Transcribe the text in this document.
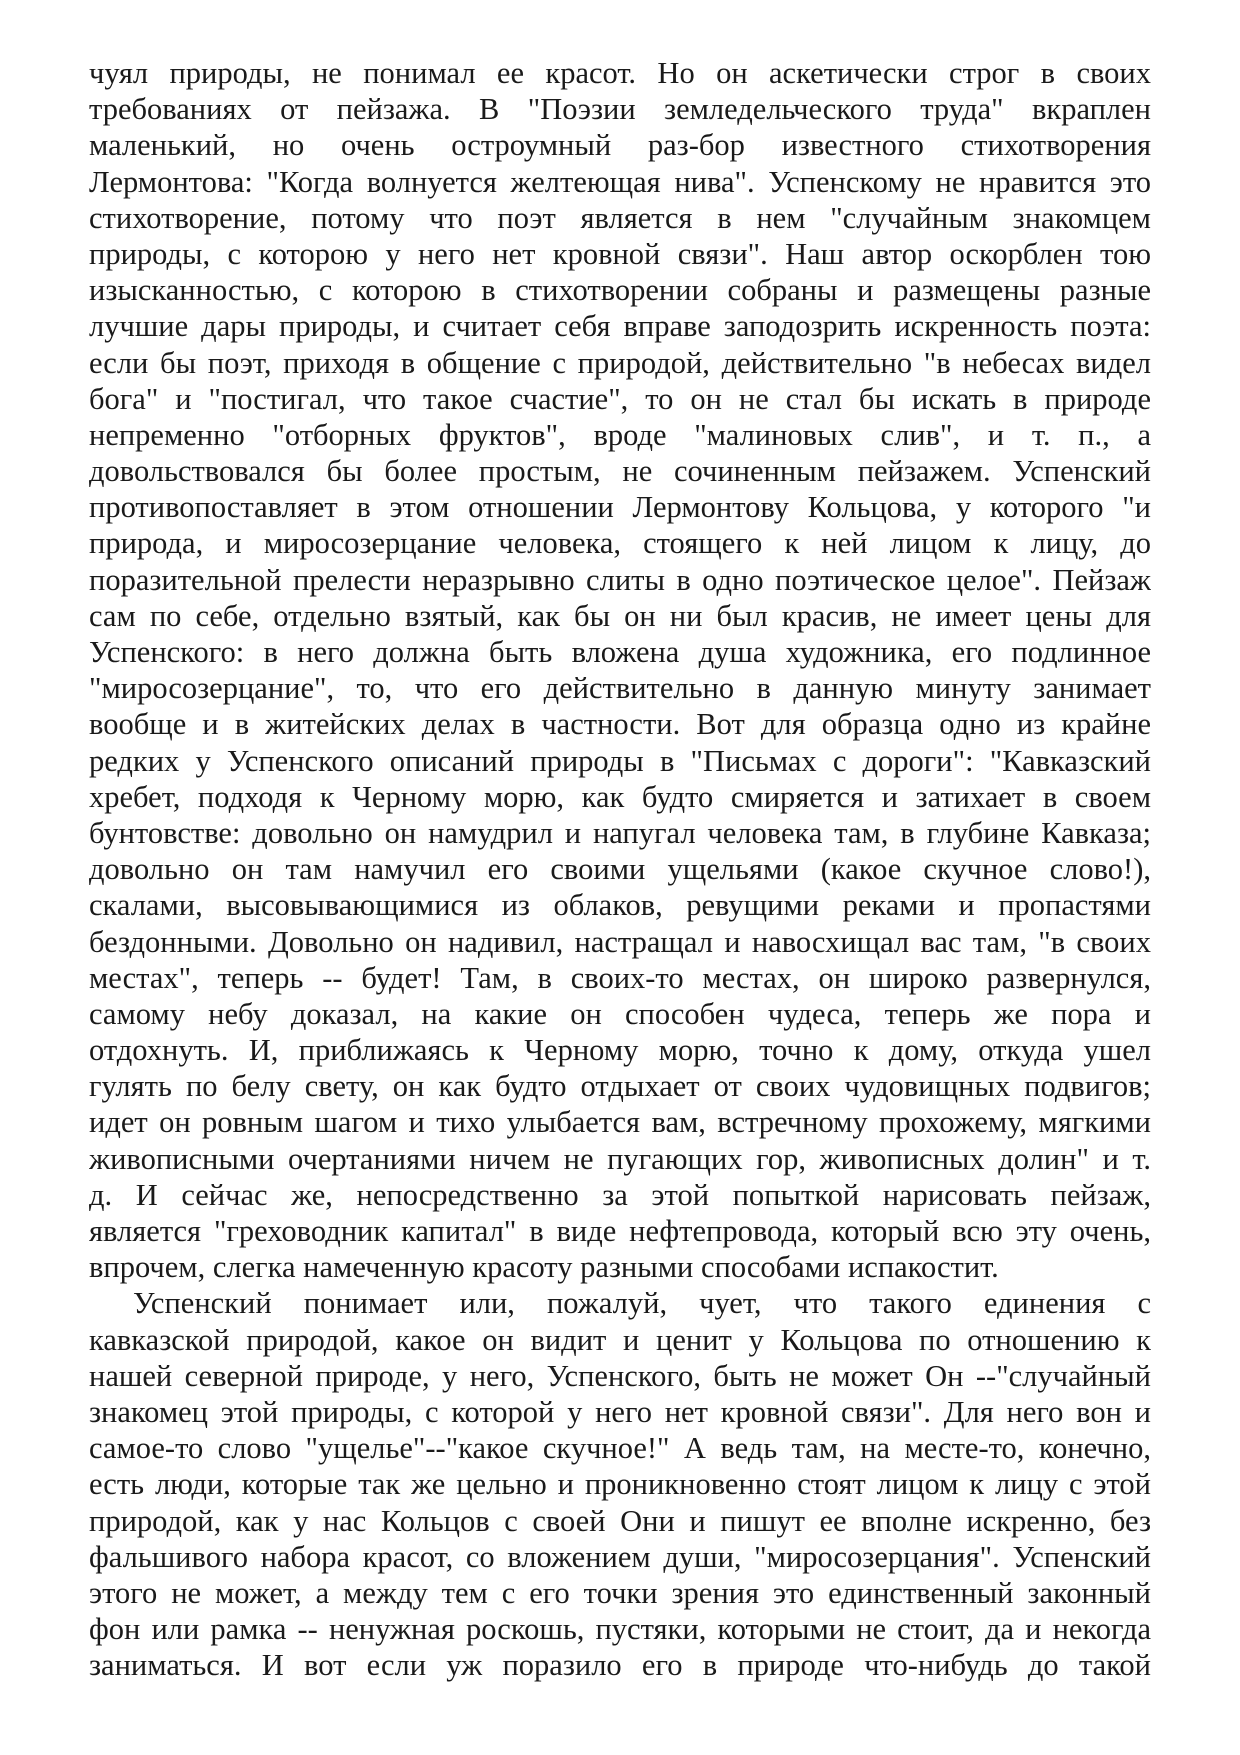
чуял природы, не понимал ее красот. Но он аскетически строг в своих
требованиях от пейзажа. В "Поэзии земледельческого труда" вкраплен
маленький, но очень остроумный раз-бор известного стихотворения
Лермонтова: "Когда волнуется желтеющая нива". Успенскому не нравится это
стихотворение, потому что поэт является в нем "случайным знакомцем
природы, с которою у него нет кровной связи". Наш автор оскорблен тою
изысканностью, с которою в стихотворении собраны и размещены разные
лучшие дары природы, и считает себя вправе заподозрить искренность поэта:
если бы поэт, приходя в общение с природой, действительно "в небесах видел
бога" и "постигал, что такое счастие", то он не стал бы искать в природе
непременно "отборных фруктов", вроде "малиновых слив", и т. п., а
довольствовался бы более простым, не сочиненным пейзажем. Успенский
противопоставляет в этом отношении Лермонтову Кольцова, у которого "и
природа, и миросозерцание человека, стоящего к ней лицом к лицу, до
поразительной прелести неразрывно слиты в одно поэтическое целое". Пейзаж
сам по себе, отдельно взятый, как бы он ни был красив, не имеет цены для
Успенского: в него должна быть вложена душа художника, его подлинное
"миросозерцание", то, что его действительно в данную минуту занимает
вообще и в житейских делах в частности. Вот для образца одно из крайне
редких у Успенского описаний природы в "Письмах с дороги": "Кавказский
хребет, подходя к Черному морю, как будто смиряется и затихает в своем
бунтовстве: довольно он намудрил и напугал человека там, в глубине Кавказа;
довольно он там намучил его своими ущельями (какое скучное слово!),
скалами, высовывающимися из облаков, ревущими реками и пропастями
бездонными. Довольно он надивил, настращал и навосхищал вас там, "в своих
местах", теперь -- будет! Там, в своих-то местах, он широко развернулся,
самому небу доказал, на какие он способен чудеса, теперь же пора и
отдохнуть. И, приближаясь к Черному морю, точно к дому, откуда ушел
гулять по белу свету, он как будто отдыхает от своих чудовищных подвигов;
идет он ровным шагом и тихо улыбается вам, встречному прохожему, мягкими
живописными очертаниями ничем не пугающих гор, живописных долин" и т.
д. И сейчас же, непосредственно за этой попыткой нарисовать пейзаж,
является "греховодник капитал" в виде нефтепровода, который всю эту очень,
впрочем, слегка намеченную красоту разными способами испакостит.
Успенский понимает или, пожалуй, чует, что такого единения с
кавказской природой, какое он видит и ценит у Кольцова по отношению к
нашей северной природе, у него, Успенского, быть не может Он --"случайный
знакомец этой природы, с которой у него нет кровной связи". Для него вон и
самое-то слово "ущелье"--"какое скучное!" А ведь там, на месте-то, конечно,
есть люди, которые так же цельно и проникновенно стоят лицом к лицу с этой
природой, как у нас Кольцов с своей Они и пишут ее вполне искренно, без
фальшивого набора красот, со вложением души, "миросозерцания". Успенский
этого не может, а между тем с его точки зрения это единственный законный
фон или рамка -- ненужная роскошь, пустяки, которыми не стоит, да и некогда
заниматься. И вот если уж поразило его в природе что-нибудь до такой
